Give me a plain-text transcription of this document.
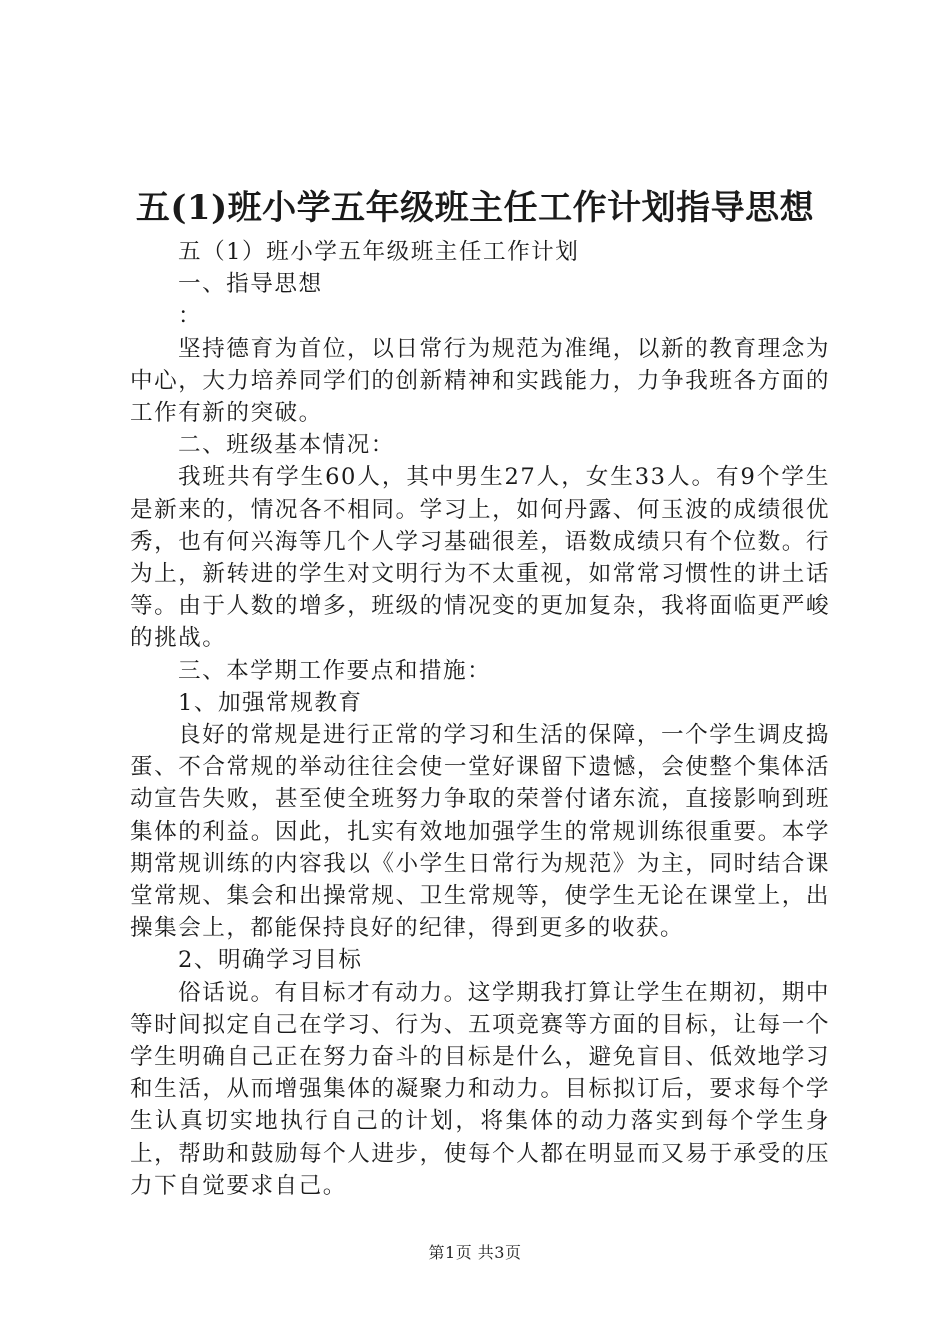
五(1)班小学五年级班主任工作计划指导思想

五（1）班小学五年级班主任工作计划

一、指导思想

：

坚持德育为首位，以日常行为规范为准绳，以新的教育理念为中心，大力培养同学们的创新精神和实践能力，力争我班各方面的工作有新的突破。

二、班级基本情况：

我班共有学生60人，其中男生27人，女生33人。有9个学生是新来的，情况各不相同。学习上，如何丹露、何玉波的成绩很优秀，也有何兴海等几个人学习基础很差，语数成绩只有个位数。行为上，新转进的学生对文明行为不太重视，如常常习惯性的讲土话等。由于人数的增多，班级的情况变的更加复杂，我将面临更严峻的挑战。

三、本学期工作要点和措施：

1、加强常规教育

良好的常规是进行正常的学习和生活的保障，一个学生调皮捣蛋、不合常规的举动往往会使一堂好课留下遗憾，会使整个集体活动宣告失败，甚至使全班努力争取的荣誉付诸东流，直接影响到班集体的利益。因此，扎实有效地加强学生的常规训练很重要。本学期常规训练的内容我以《小学生日常行为规范》为主，同时结合课堂常规、集会和出操常规、卫生常规等，使学生无论在课堂上，出操集会上，都能保持良好的纪律，得到更多的收获。

2、明确学习目标

俗话说。有目标才有动力。这学期我打算让学生在期初，期中等时间拟定自己在学习、行为、五项竞赛等方面的目标，让每一个学生明确自己正在努力奋斗的目标是什么，避免盲目、低效地学习和生活，从而增强集体的凝聚力和动力。目标拟订后，要求每个学生认真切实地执行自己的计划，将集体的动力落实到每个学生身上，帮助和鼓励每个人进步，使每个人都在明显而又易于承受的压力下自觉要求自己。

第1页 共3页
